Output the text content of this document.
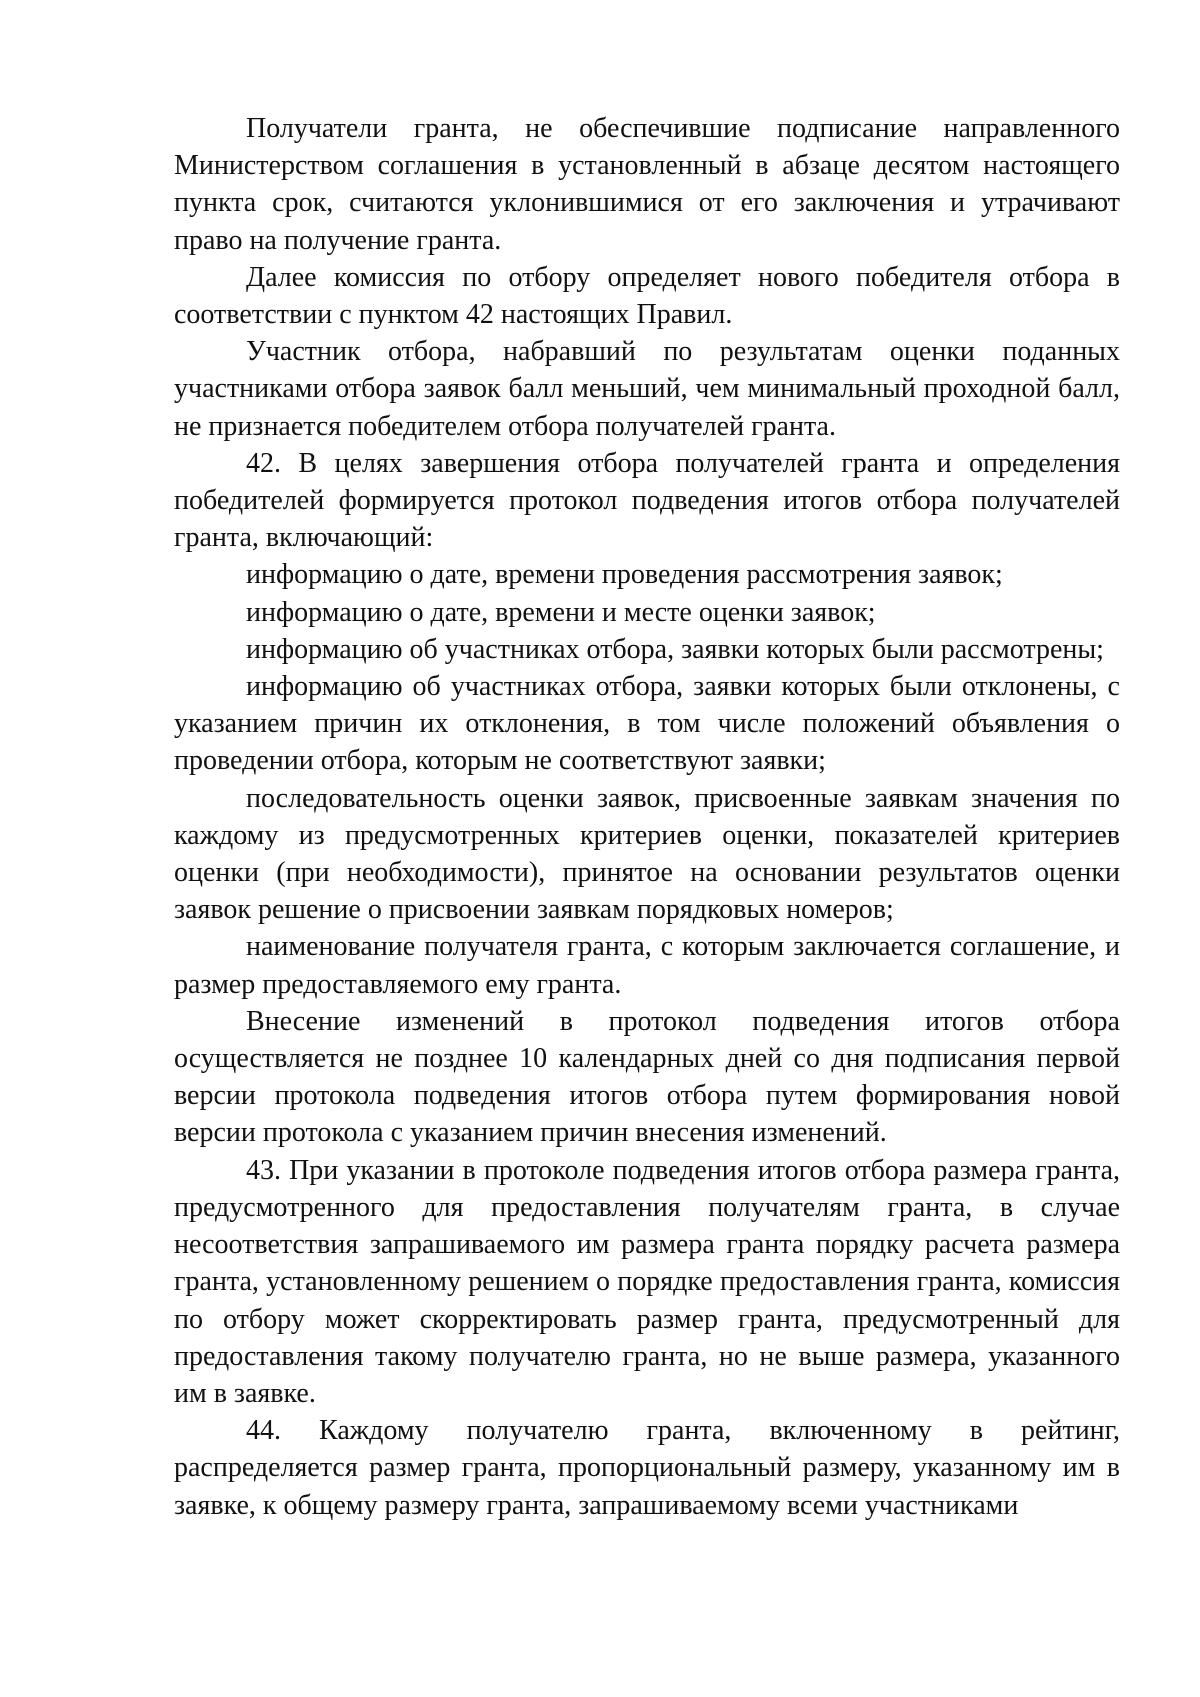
Получатели гранта, не обеспечившие подписание направленного Министерством соглашения в установленный в абзаце десятом настоящего пункта срок, считаются уклонившимися от его заключения и утрачивают право на получение гранта.

Далее комиссия по отбору определяет нового победителя отбора в соответствии с пунктом 42 настоящих Правил.

Участник отбора, набравший по результатам оценки поданных участниками отбора заявок балл меньший, чем минимальный проходной балл, не признается победителем отбора получателей гранта.

42. В целях завершения отбора получателей гранта и определения победителей формируется протокол подведения итогов отбора получателей гранта, включающий:

информацию о дате, времени проведения рассмотрения заявок;

информацию о дате, времени и месте оценки заявок;

информацию об участниках отбора, заявки которых были рассмотрены;

информацию об участниках отбора, заявки которых были отклонены, с указанием причин их отклонения, в том числе положений объявления о проведении отбора, которым не соответствуют заявки;

последовательность оценки заявок, присвоенные заявкам значения по каждому из предусмотренных критериев оценки, показателей критериев оценки (при необходимости), принятое на основании результатов оценки заявок решение о присвоении заявкам порядковых номеров;

наименование получателя гранта, с которым заключается соглашение, и размер предоставляемого ему гранта.

Внесение изменений в протокол подведения итогов отбора осуществляется не позднее 10 календарных дней со дня подписания первой версии протокола подведения итогов отбора путем формирования новой версии протокола с указанием причин внесения изменений.

43. При указании в протоколе подведения итогов отбора размера гранта, предусмотренного для предоставления получателям гранта, в случае несоответствия запрашиваемого им размера гранта порядку расчета размера гранта, установленному решением о порядке предоставления гранта, комиссия по отбору может скорректировать размер гранта, предусмотренный для предоставления такому получателю гранта, но не выше размера, указанного им в заявке.

44. Каждому получателю гранта, включенному в рейтинг, распределяется размер гранта, пропорциональный размеру, указанному им в заявке, к общему размеру гранта, запрашиваемому всеми участниками
